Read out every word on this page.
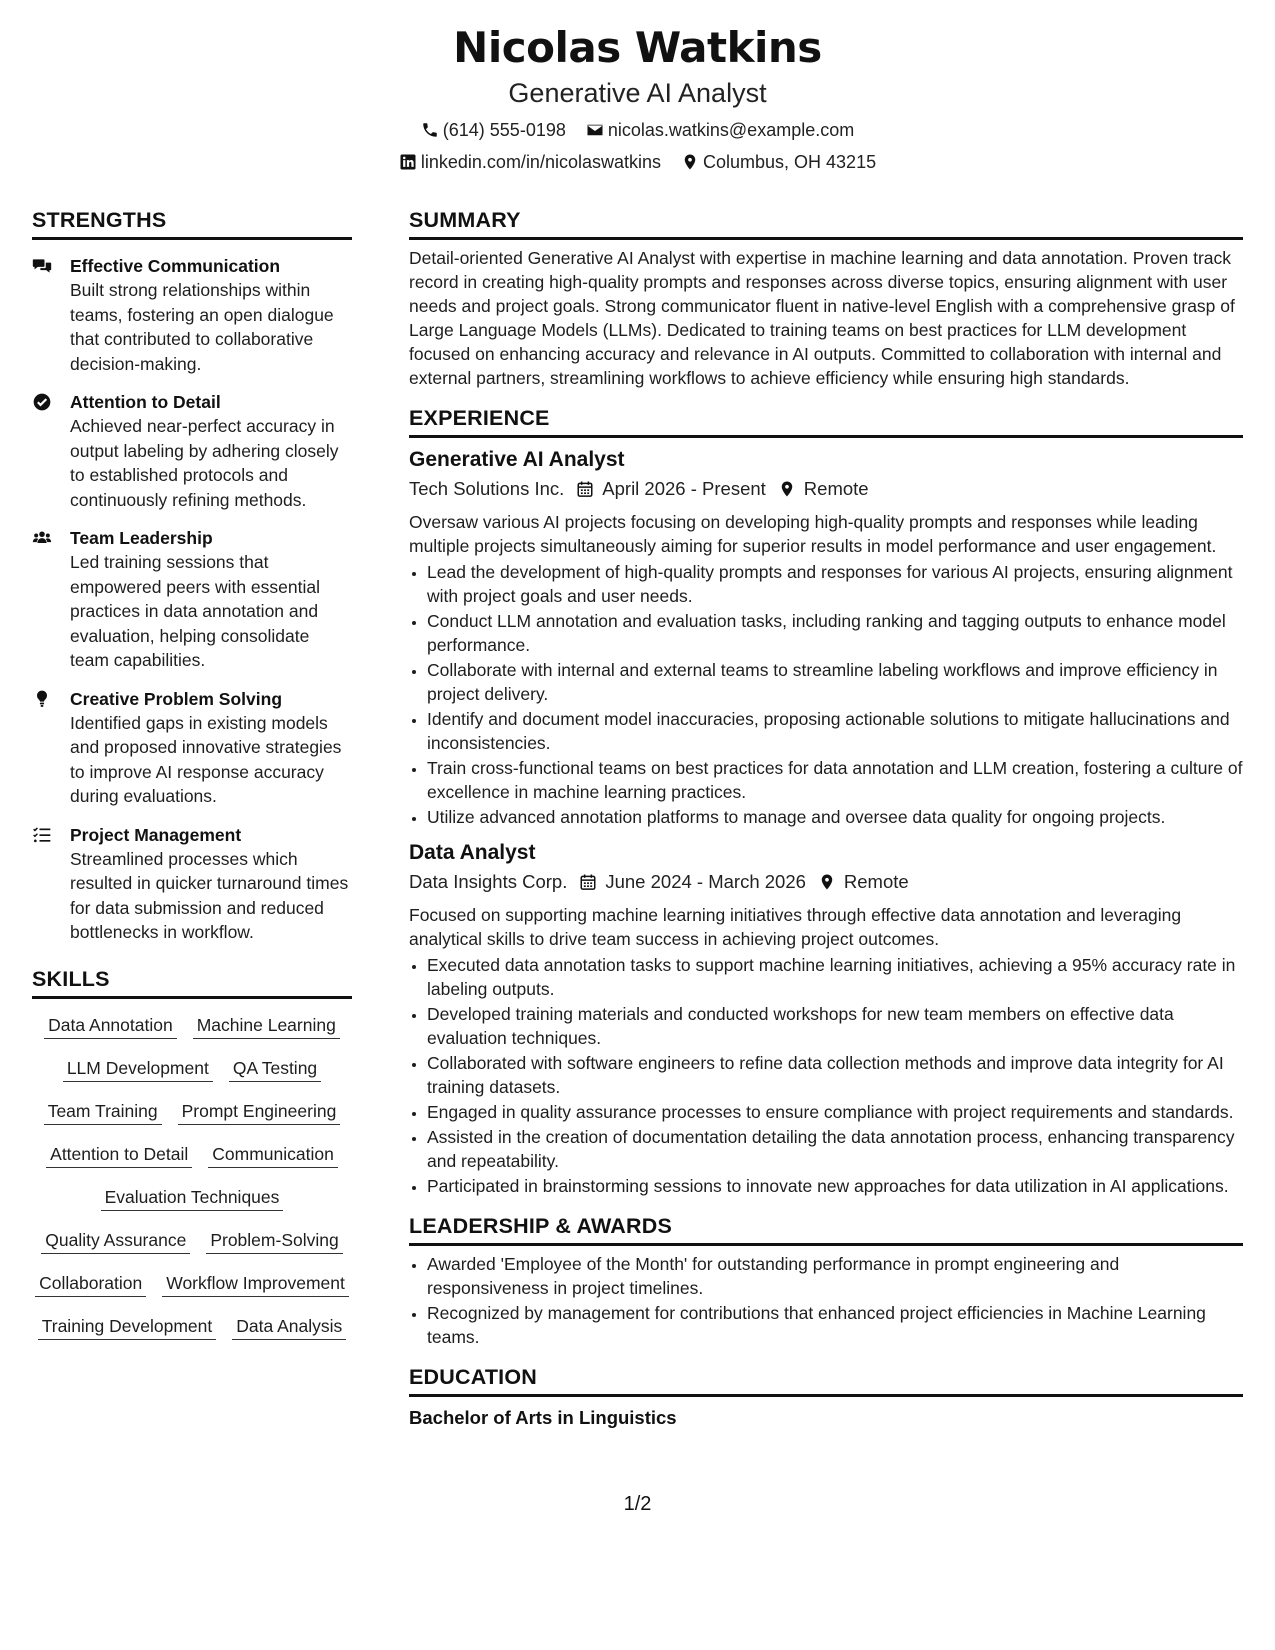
Nicolas Watkins
Generative AI Analyst
(614) 555-0198 nicolas.watkins@example.com
linkedin.com/in/nicolaswatkins Columbus, OH 43215
STRENGTHS
Effective Communication
Built strong relationships within teams, fostering an open dialogue that contributed to collaborative decision-making.
Attention to Detail
Achieved near-perfect accuracy in output labeling by adhering closely to established protocols and continuously refining methods.
Team Leadership
Led training sessions that empowered peers with essential practices in data annotation and evaluation, helping consolidate team capabilities.
Creative Problem Solving
Identified gaps in existing models and proposed innovative strategies to improve AI response accuracy during evaluations.
Project Management
Streamlined processes which resulted in quicker turnaround times for data submission and reduced bottlenecks in workflow.
SKILLS
Data Annotation Machine Learning
LLM Development QA Testing
Team Training Prompt Engineering
Attention to Detail Communication
Evaluation Techniques
Quality Assurance Problem-Solving
Collaboration Workflow Improvement
Training Development Data Analysis
SUMMARY
Detail-oriented Generative AI Analyst with expertise in machine learning and data annotation. Proven track record in creating high-quality prompts and responses across diverse topics, ensuring alignment with user needs and project goals. Strong communicator fluent in native-level English with a comprehensive grasp of Large Language Models (LLMs). Dedicated to training teams on best practices for LLM development focused on enhancing accuracy and relevance in AI outputs. Committed to collaboration with internal and external partners, streamlining workflows to achieve efficiency while ensuring high standards.
EXPERIENCE
Generative AI Analyst
Tech Solutions Inc. April 2026 - Present Remote
Oversaw various AI projects focusing on developing high-quality prompts and responses while leading multiple projects simultaneously aiming for superior results in model performance and user engagement.
• Lead the development of high-quality prompts and responses for various AI projects, ensuring alignment with project goals and user needs.
• Conduct LLM annotation and evaluation tasks, including ranking and tagging outputs to enhance model performance.
• Collaborate with internal and external teams to streamline labeling workflows and improve efficiency in project delivery.
• Identify and document model inaccuracies, proposing actionable solutions to mitigate hallucinations and inconsistencies.
• Train cross-functional teams on best practices for data annotation and LLM creation, fostering a culture of excellence in machine learning practices.
• Utilize advanced annotation platforms to manage and oversee data quality for ongoing projects.
Data Analyst
Data Insights Corp. June 2024 - March 2026 Remote
Focused on supporting machine learning initiatives through effective data annotation and leveraging analytical skills to drive team success in achieving project outcomes.
• Executed data annotation tasks to support machine learning initiatives, achieving a 95% accuracy rate in labeling outputs.
• Developed training materials and conducted workshops for new team members on effective data evaluation techniques.
• Collaborated with software engineers to refine data collection methods and improve data integrity for AI training datasets.
• Engaged in quality assurance processes to ensure compliance with project requirements and standards.
• Assisted in the creation of documentation detailing the data annotation process, enhancing transparency and repeatability.
• Participated in brainstorming sessions to innovate new approaches for data utilization in AI applications.
LEADERSHIP & AWARDS
• Awarded 'Employee of the Month' for outstanding performance in prompt engineering and responsiveness in project timelines.
• Recognized by management for contributions that enhanced project efficiencies in Machine Learning teams.
EDUCATION
Bachelor of Arts in Linguistics
1/2
